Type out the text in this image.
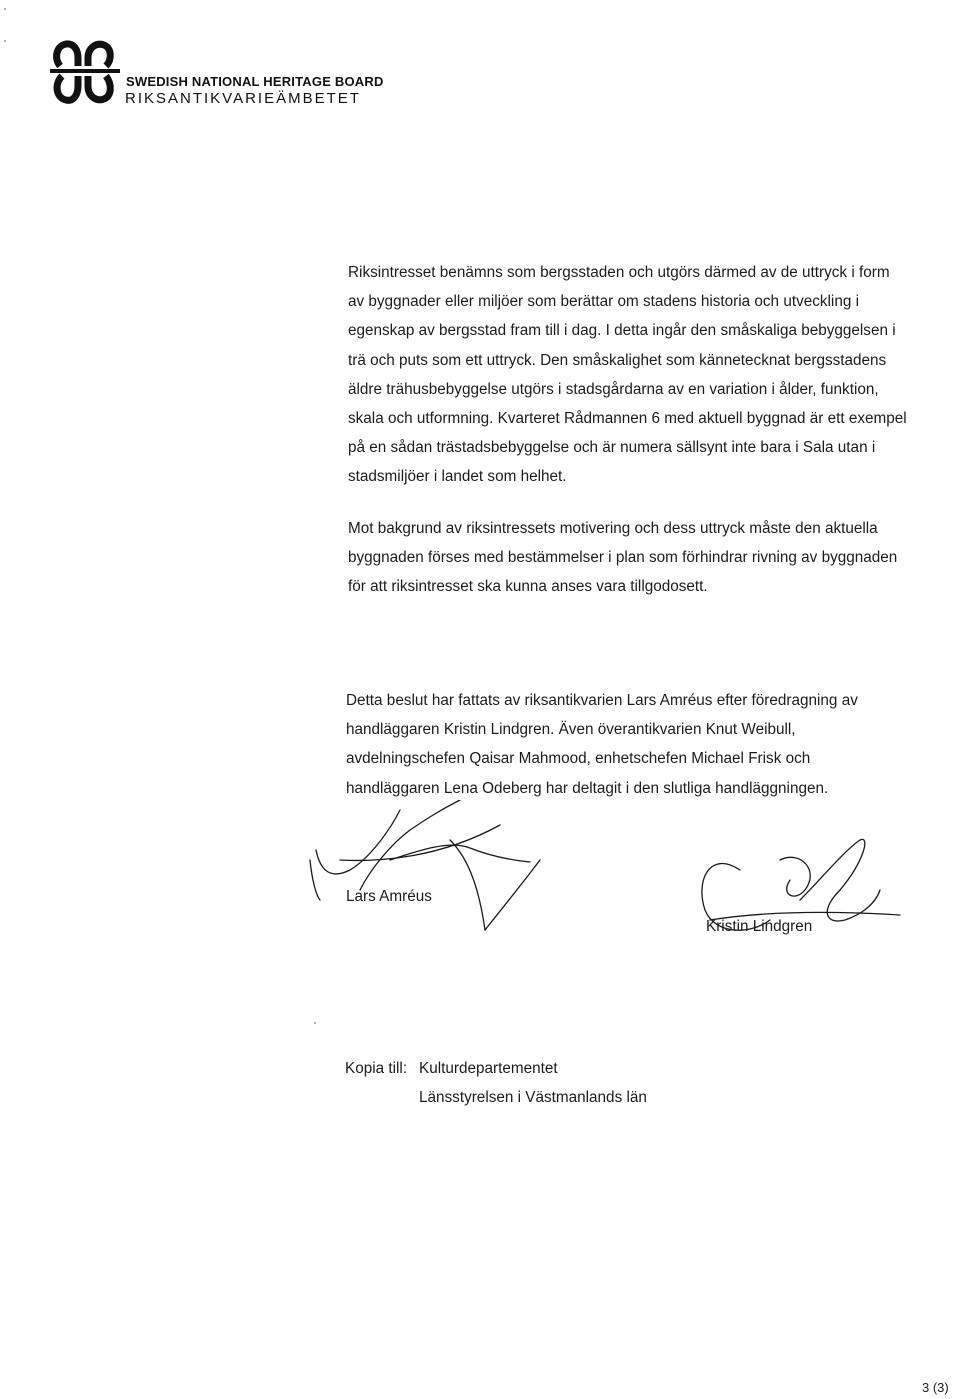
SWEDISH NATIONAL HERITAGE BOARD
RIKSANTIKVARIEÄMBETET

Riksintresset benämns som bergsstaden och utgörs därmed av de uttryck i form

av byggnader eller miljöer som berättar om stadens historia och utveckling i

egenskap av bergsstad fram till i dag. I detta ingår den småskaliga bebyggelsen i

trä och puts som ett uttryck. Den småskalighet som kännetecknat bergsstadens

äldre trähusbebyggelse utgörs i stadsgårdarna av en variation i ålder, funktion,

skala och utformning. Kvarteret Rådmannen 6 med aktuell byggnad är ett exempel

på en sådan trästadsbebyggelse och är numera sällsynt inte bara i Sala utan i

stadsmiljöer i landet som helhet.

Mot bakgrund av riksintressets motivering och dess uttryck måste den aktuella

byggnaden förses med bestämmelser i plan som förhindrar rivning av byggnaden

för att riksintresset ska kunna anses vara tillgodosett.

Detta beslut har fattats av riksantikvarien Lars Amréus efter föredragning av

handläggaren Kristin Lindgren. Även överantikvarien Knut Weibull,

avdelningschefen Qaisar Mahmood, enhetschefen Michael Frisk och

handläggaren Lena Odeberg har deltagit i den slutliga handläggningen.

Lars Amréus
Kristin Lindgren
Kopia till: Kulturdepartementet
Länsstyrelsen i Västmanlands län
3 (3)
